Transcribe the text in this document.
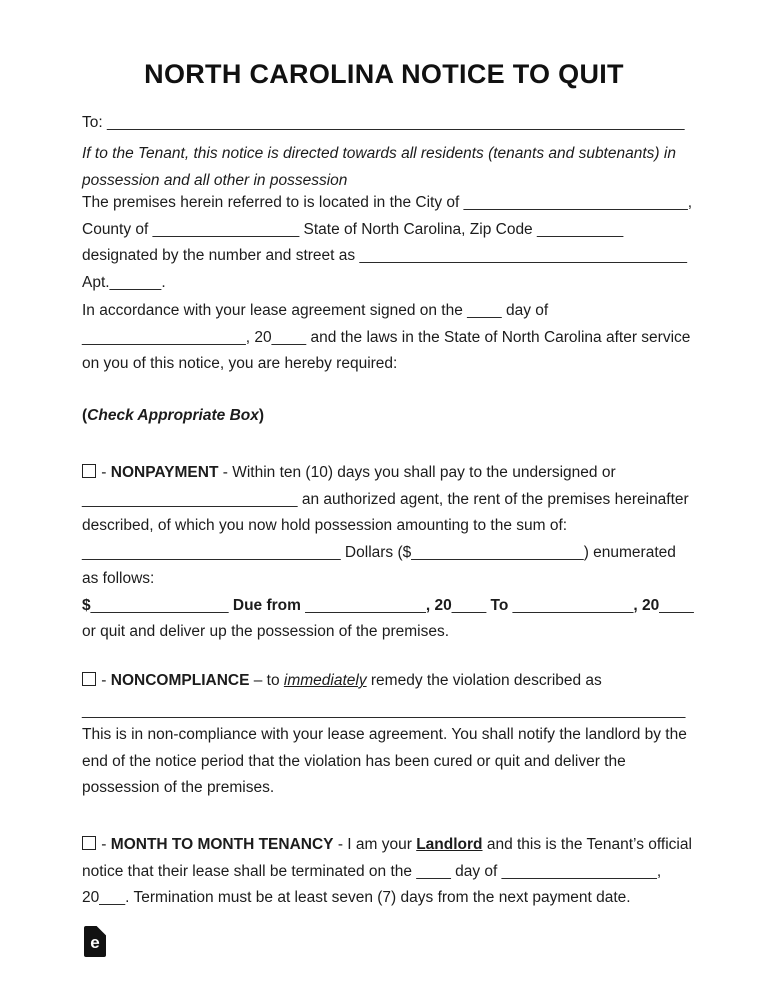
NORTH CAROLINA NOTICE TO QUIT
To: ___________________________________________________________________
If to the Tenant, this notice is directed towards all residents (tenants and subtenants) in
possession and all other in possession
The premises herein referred to is located in the City of __________________________,
County of _________________ State of North Carolina, Zip Code __________
designated by the number and street as ______________________________________
Apt.______.
In accordance with your lease agreement signed on the ____ day of
___________________, 20____ and the laws in the State of North Carolina after service
on you of this notice, you are hereby required:
(Check Appropriate Box)
- NONPAYMENT - Within ten (10) days you shall pay to the undersigned or
_________________________ an authorized agent, the rent of the premises hereinafter
described, of which you now hold possession amounting to the sum of:
______________________________ Dollars ($____________________) enumerated
as follows:
$________________ Due from ______________, 20____ To ______________, 20____
or quit and deliver up the possession of the premises.
- NONCOMPLIANCE – to immediately remedy the violation described as
______________________________________________________________________
This is in non-compliance with your lease agreement. You shall notify the landlord by the
end of the notice period that the violation has been cured or quit and deliver the
possession of the premises.
- MONTH TO MONTH TENANCY - I am your Landlord and this is the Tenant’s official
notice that their lease shall be terminated on the ____ day of __________________,
20___. Termination must be at least seven (7) days from the next payment date.
e
